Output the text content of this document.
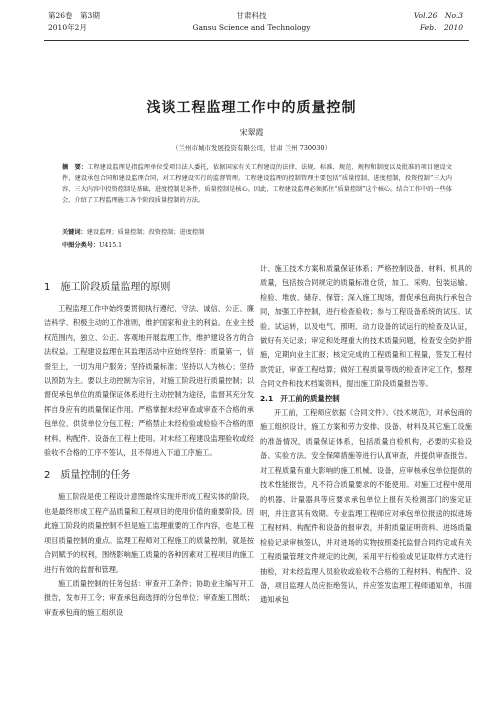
第26卷　第3期
2010年2月
甘肃科技
Gansu Science and Technology
Vol.26　No.3
Feb.　2010
浅谈工程监理工作中的质量控制
宋翠霞
（兰州市城市发展投资有限公司，甘肃 兰州 730030）
摘　要：工程建设监理是指监理单位受项目法人委托，依据国家有关工程建设的法律、法规、标准、规范、规程和制度以及批准的项目建设文件，建设承包合同和建设监理合同，对工程建设实行的监督管理。工程建设监理的控制管理主要包括“质量控制，进度控制，投资控制”三大内容，三大内容中投资控制是基础，进度控制是条件，质量控制是核心。因此，工程建设监理必须抓住“质量控制”这个核心。结合工作中的一些体会，介绍了工程监理施工各个阶段质量控制的方法。
关键词：建设监理；质量控制；投资控制；进度控制
中图分类号：U415.1
1　施工阶段质量监理的原则

工程监理工作中始终要贯彻执行遵纪、守法、诚信、公正、廉洁科学、积极主动的工作准则，维护国家和业主的利益。在业主授权范围内，独立、公正、客观地开展监理工作，维护建设各方的合法权益。工程建设监理在其监理活动中应始终坚持：质量第一，信誉至上，一切为用户服务；坚持质量标准；坚持以人为核心；坚持以预防为主。要以主动控制为宗旨，对施工阶段进行质量控制；以督促承包单位的质量保证体系进行主动控制为途径，监督其充分发挥自身应有的质量保证作用。严格掌握未经审查或审查不合格的承包单位、供货单位分包工程；严格禁止未经检验或检验不合格的原材料、构配件、设备在工程上使用。对未经工程建设监理验收或经验收不合格的工序不签认，且不得进入下道工序施工。

2　质量控制的任务

施工阶段是使工程设计意图最终实现并形成工程实体的阶段，也是最终形成工程产品质量和工程项目的使用价值的重要阶段。因此施工阶段的质量控制不但是施工监理重要的工作内容，也是工程项目质量控制的重点。监理工程师对工程施工的质量控制，就是按合同赋予的权利，围绕影响施工质量的各种因素对工程项目的施工进行有效的监督和管理。

施工质量控制的任务包括：审查开工条件；协助业主编写开工报告，发布开工令；审查承包商选择的分包单位；审查施工图纸；审查承包商的施工组织设

计、施工技术方案和质量保证体系；严格控制设备、材料、机具的质量，包括按合同规定的质量标准仓货，加工、采购、包装运输、检验、堆放、储存、保管；深入施工现场，督促承包商执行承包合同，加强工序控制，进行检查验收；参与工程设备系统的试压、试验、试运转，以及电气、照明、动力设备的试运行的检查及认证，做好有关记录；审定和处理重大的技术质量问题，检查安全防护措施，定期向业主汇报；核定完成的工程质量和工程量，签发工程付款凭证，审查工程结算；做好工程质量等级的检查评定工作，整理合同文件和技术档案资料，提出施工阶段质量报告等。

2.1　开工前的质量控制

开工前，工程师应依据《合同文件》、《技术规范》，对承包商的施工组织设计，施工方案和劳力安排、设备、材料及其它施工设施的准备情况，质量保证体系，包括质量自检机构，必要的实验设备、实验方法、安全保障措施等进行认真审查，并提供审查报告。对工程质量有重大影响的施工机械、设备，应审核承包单位提供的技术性能报告，凡不符合质量要求的不能使用。对施工过程中使用的机器、计量器具等应要求承包单位上报有关检测部门的鉴定证明，并注意其有效期。专业监理工程师应对承包单位报送的拟进场工程材料、构配件和设备的报审表，并附质量证明资料、进场质量检验记录审核签认，并对进场的实物按照委托监督合同约定或有关工程质量管理文件规定的比例，采用平行检验或见证取样方式进行抽检，对未经监理人员验收或验收不合格的工程材料、构配件、设备，项目监理人员应拒绝签认，并应签发监理工程师通知单，书面通知承包
